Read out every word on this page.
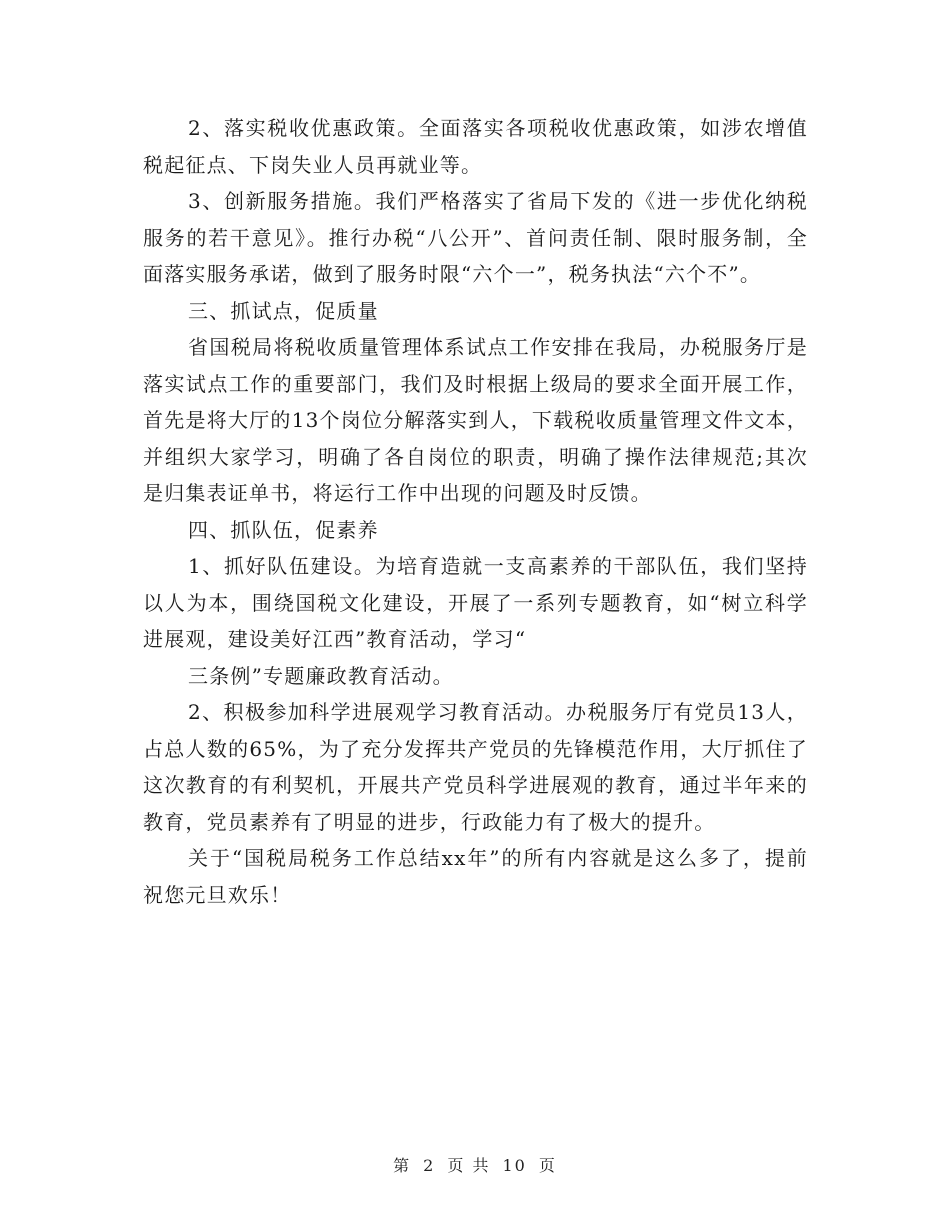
2、落实税收优惠政策。全面落实各项税收优惠政策，如涉农增值税起征点、下岗失业人员再就业等。

3、创新服务措施。我们严格落实了省局下发的《进一步优化纳税服务的若干意见》。推行办税“八公开”、首问责任制、限时服务制，全面落实服务承诺，做到了服务时限“六个一”，税务执法“六个不”。

三、抓试点，促质量

省国税局将税收质量管理体系试点工作安排在我局，办税服务厅是落实试点工作的重要部门，我们及时根据上级局的要求全面开展工作，首先是将大厅的13个岗位分解落实到人，下载税收质量管理文件文本，并组织大家学习，明确了各自岗位的职责，明确了操作法律规范;其次是归集表证单书，将运行工作中出现的问题及时反馈。

四、抓队伍，促素养

1、抓好队伍建设。为培育造就一支高素养的干部队伍，我们坚持以人为本，围绕国税文化建设，开展了一系列专题教育，如“树立科学进展观，建设美好江西”教育活动，学习“

三条例”专题廉政教育活动。

2、积极参加科学进展观学习教育活动。办税服务厅有党员13人，占总人数的65%，为了充分发挥共产党员的先锋模范作用，大厅抓住了这次教育的有利契机，开展共产党员科学进展观的教育，通过半年来的教育，党员素养有了明显的进步，行政能力有了极大的提升。

关于“国税局税务工作总结xx年”的所有内容就是这么多了，提前祝您元旦欢乐！

第 2 页 共 10 页
